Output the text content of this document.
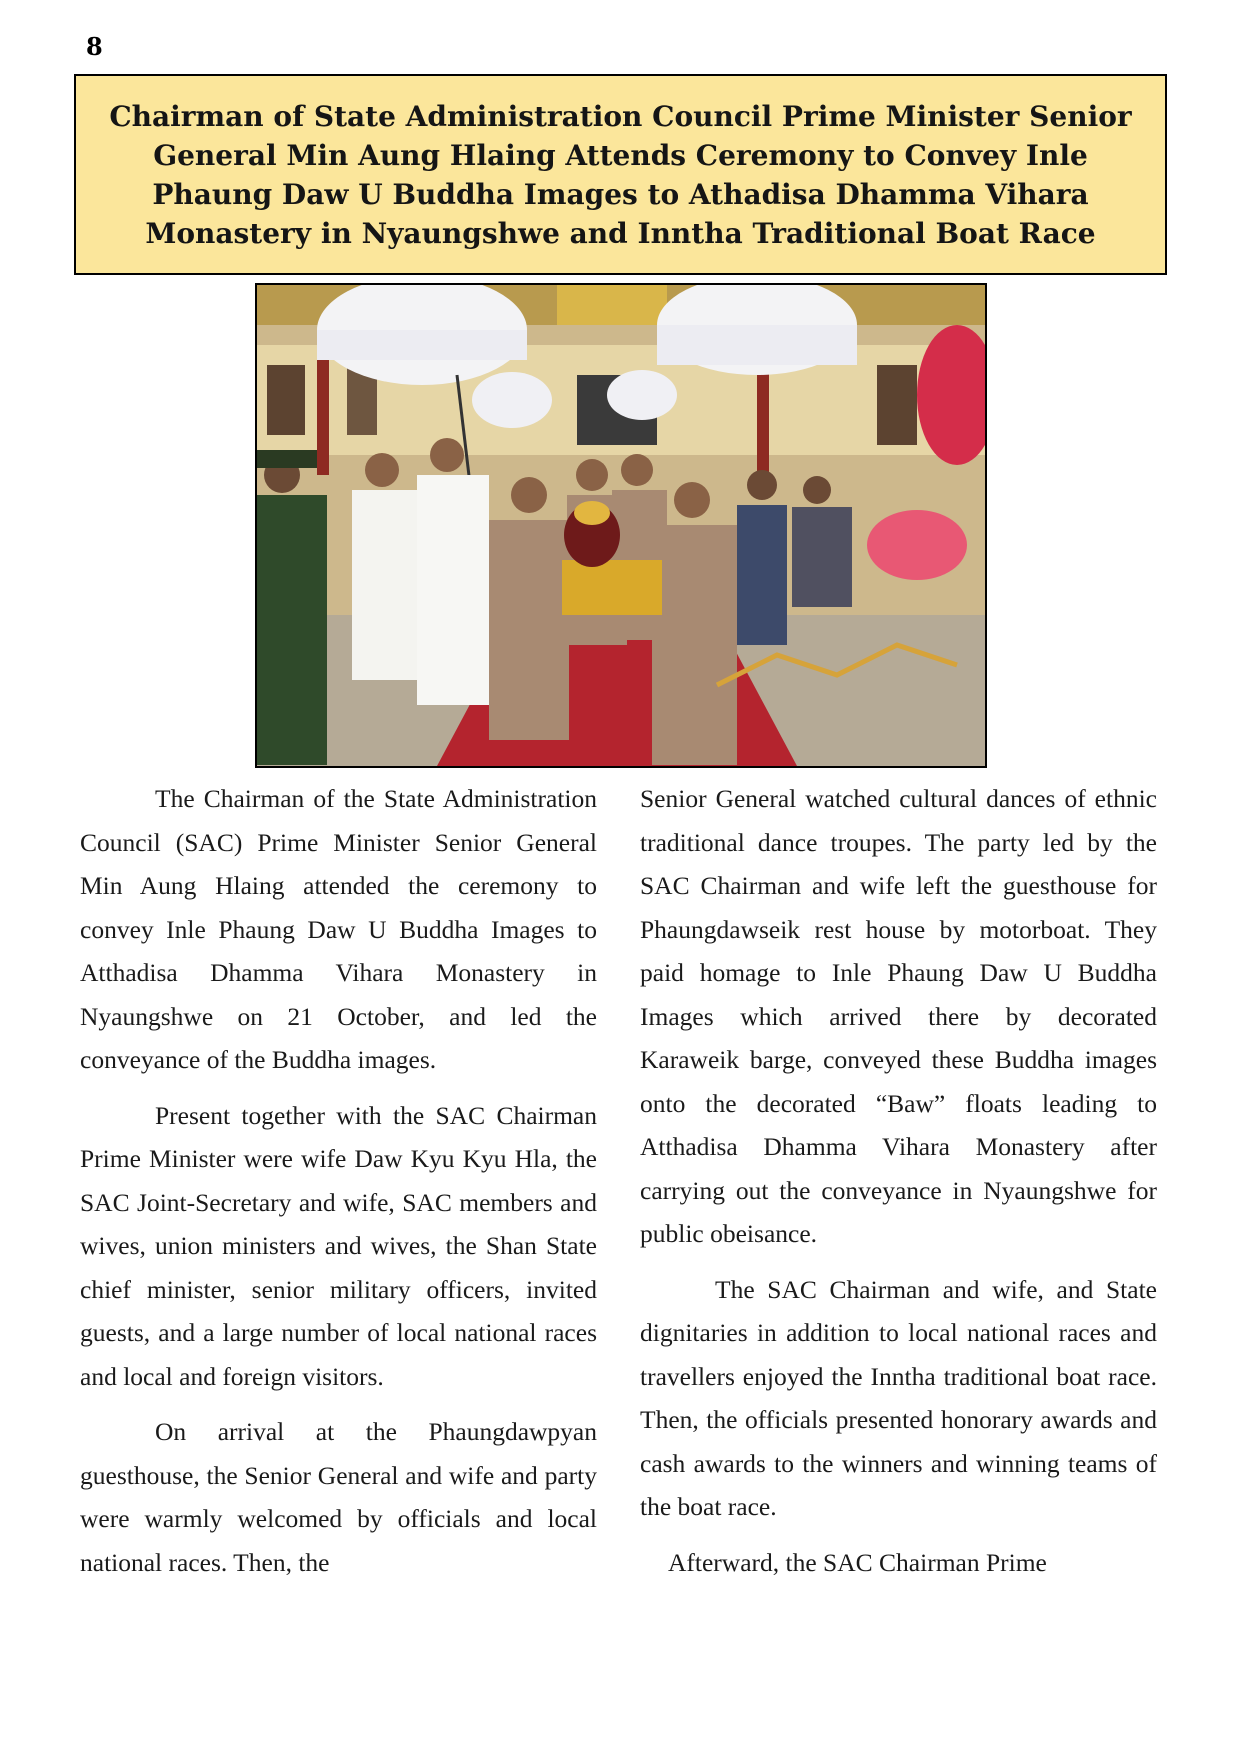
8

Chairman of State Administration Council Prime Minister Senior General Min Aung Hlaing Attends Ceremony to Convey Inle Phaung Daw U Buddha Images to Athadisa Dhamma Vihara Monastery in Nyaungshwe and Inntha Traditional Boat Race

The Chairman of the State Administration Council (SAC) Prime Minister Senior General Min Aung Hlaing attended the ceremony to convey Inle Phaung Daw U Buddha Images to Atthadisa Dhamma Vihara Monastery in Nyaungshwe on 21 October, and led the conveyance of the Buddha images.

Present together with the SAC Chairman Prime Minister were wife Daw Kyu Kyu Hla, the SAC Joint-Secretary and wife, SAC members and wives, union ministers and wives, the Shan State chief minister, senior military officers, invited guests, and a large number of local national races and local and foreign visitors.

On arrival at the Phaungdawpyan guesthouse, the Senior General and wife and party were warmly welcomed by officials and local national races. Then, the

Senior General watched cultural dances of ethnic traditional dance troupes. The party led by the SAC Chairman and wife left the guesthouse for Phaungdawseik rest house by motorboat. They paid homage to Inle Phaung Daw U Buddha Images which arrived there by decorated Karaweik barge, conveyed these Buddha images onto the decorated “Baw” floats leading to Atthadisa Dhamma Vihara Monastery after carrying out the conveyance in Nyaungshwe for public obeisance.

The SAC Chairman and wife, and State dignitaries in addition to local national races and travellers enjoyed the Inntha traditional boat race. Then, the officials presented honorary awards and cash awards to the winners and winning teams of the boat race.

Afterward, the SAC Chairman Prime
